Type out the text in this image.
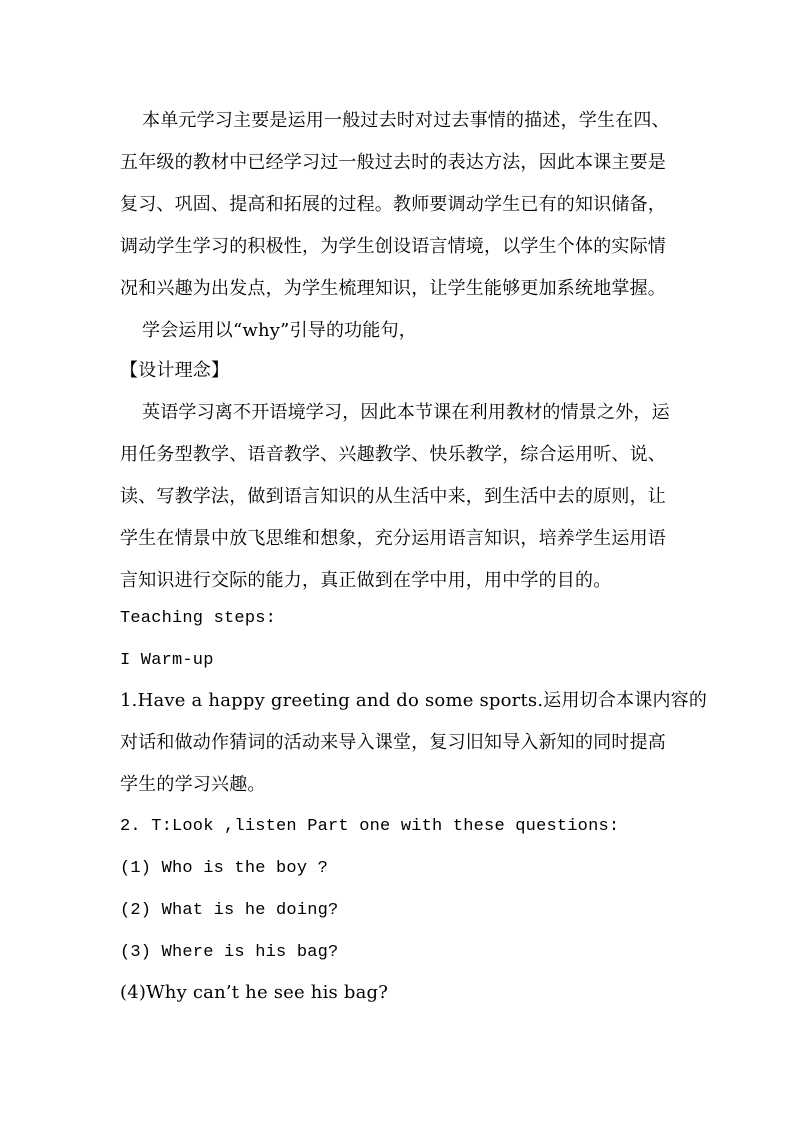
本单元学习主要是运用一般过去时对过去事情的描述，学生在四、
五年级的教材中已经学习过一般过去时的表达方法，因此本课主要是
复习、巩固、提高和拓展的过程。教师要调动学生已有的知识储备，
调动学生学习的积极性，为学生创设语言情境，以学生个体的实际情
况和兴趣为出发点，为学生梳理知识，让学生能够更加系统地掌握。
学会运用以“why”引导的功能句，
【设计理念】
英语学习离不开语境学习，因此本节课在利用教材的情景之外，运
用任务型教学、语音教学、兴趣教学、快乐教学，综合运用听、说、
读、写教学法，做到语言知识的从生活中来，到生活中去的原则，让
学生在情景中放飞思维和想象，充分运用语言知识，培养学生运用语
言知识进行交际的能力，真正做到在学中用，用中学的目的。
Teaching steps:
I Warm-up
1.Have a happy greeting and do some sports.运用切合本课内容的
对话和做动作猜词的活动来导入课堂，复习旧知导入新知的同时提高
学生的学习兴趣。
2. T:Look ,listen Part one with these questions:
(1) Who is the boy ?
(2) What is he doing?
(3) Where is his bag?
(4)Why can’t he see his bag?
